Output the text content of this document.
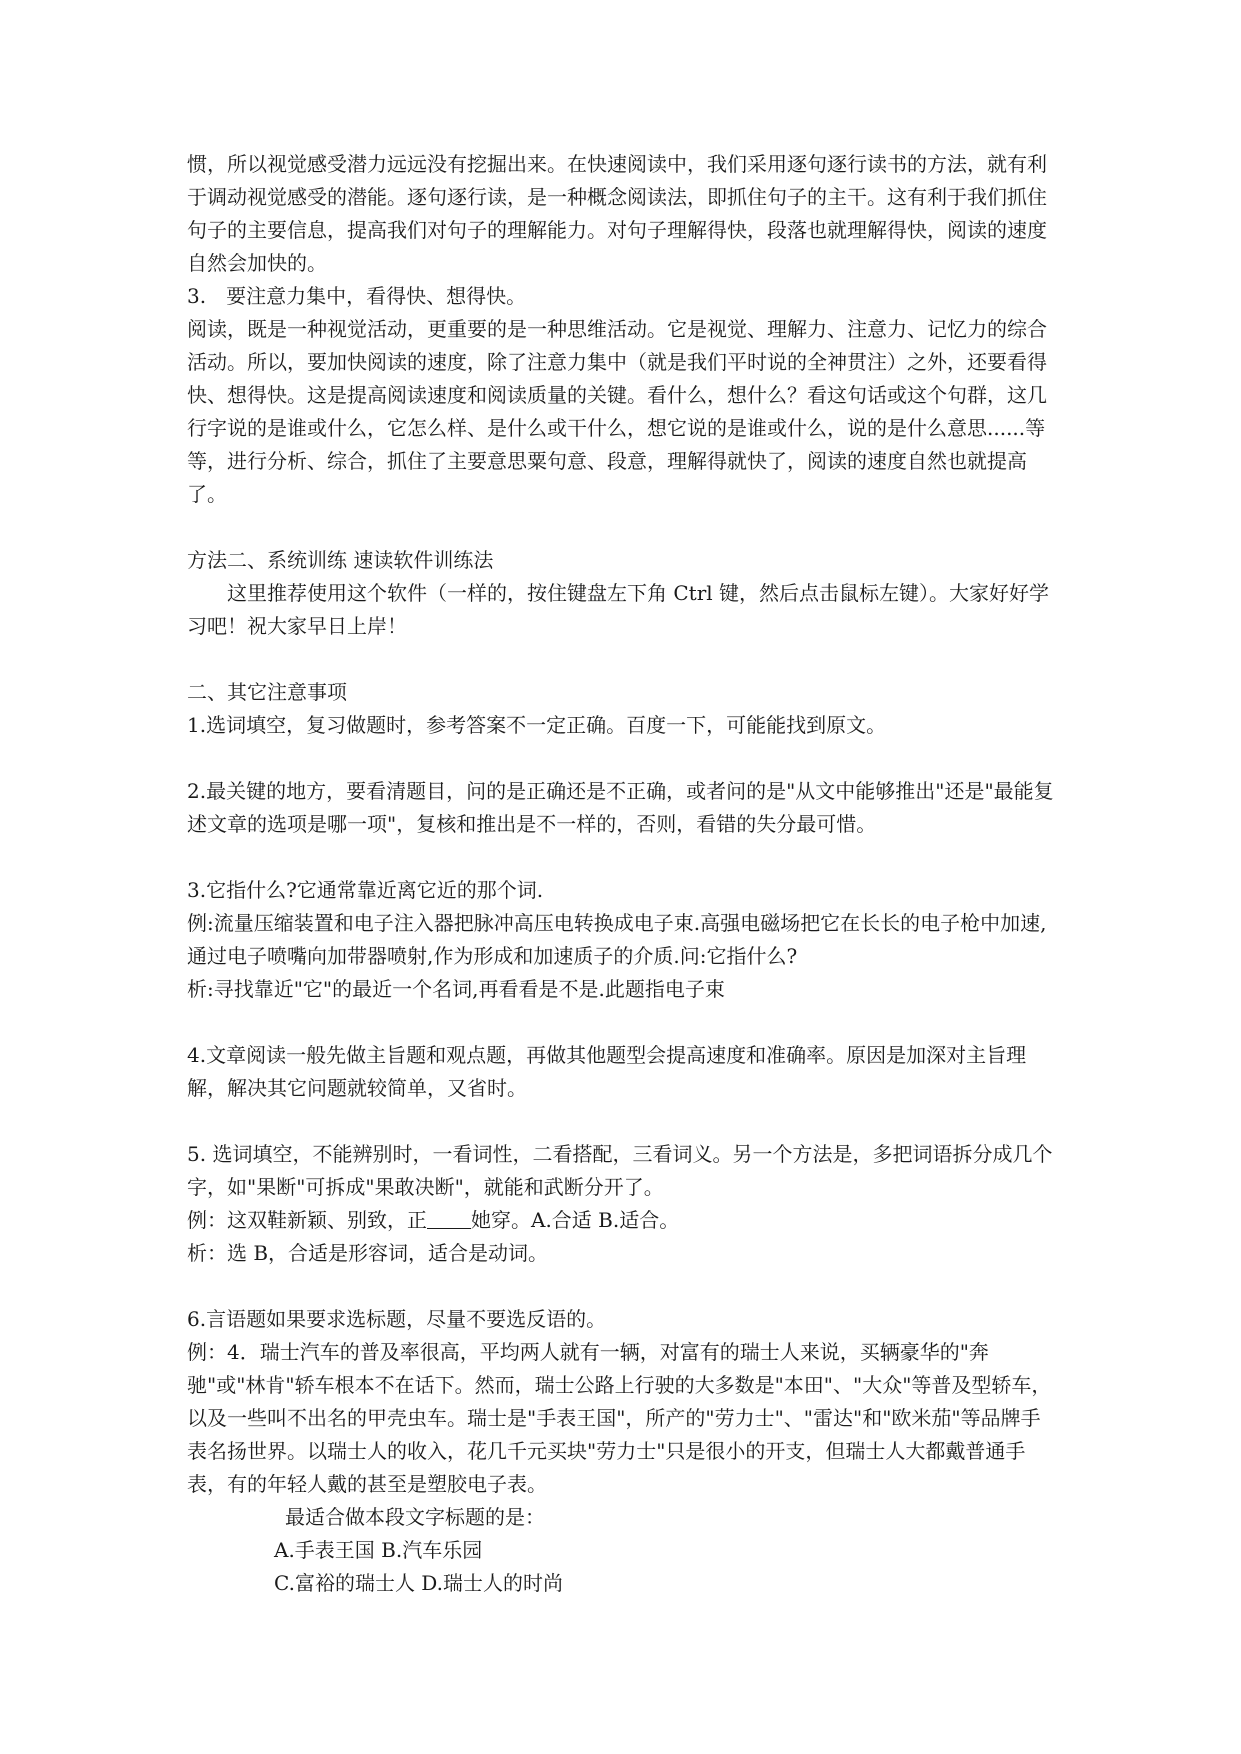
惯，所以视觉感受潜力远远没有挖掘出来。在快速阅读中，我们采用逐句逐行读书的方法，就有利于调动视觉感受的潜能。逐句逐行读，是一种概念阅读法，即抓住句子的主干。这有利于我们抓住句子的主要信息，提高我们对句子的理解能力。对句子理解得快，段落也就理解得快，阅读的速度自然会加快的。

3.　要注意力集中，看得快、想得快。

阅读，既是一种视觉活动，更重要的是一种思维活动。它是视觉、理解力、注意力、记忆力的综合活动。所以，要加快阅读的速度，除了注意力集中（就是我们平时说的全神贯注）之外，还要看得快、想得快。这是提高阅读速度和阅读质量的关键。看什么，想什么？看这句话或这个句群，这几行字说的是谁或什么，它怎么样、是什么或干什么，想它说的是谁或什么，说的是什么意思......等等，进行分析、综合，抓住了主要意思粟句意、段意，理解得就快了，阅读的速度自然也就提高了。

方法二、系统训练 速读软件训练法

这里推荐使用这个软件（一样的，按住键盘左下角 Ctrl 键，然后点击鼠标左键）。大家好好学习吧！祝大家早日上岸！

二、其它注意事项

1.选词填空，复习做题时，参考答案不一定正确。百度一下，可能能找到原文。

2.最关键的地方，要看清题目，问的是正确还是不正确，或者问的是"从文中能够推出"还是"最能复述文章的选项是哪一项"，复核和推出是不一样的，否则，看错的失分最可惜。

3.它指什么?它通常靠近离它近的那个词.

例:流量压缩装置和电子注入器把脉冲高压电转换成电子束.高强电磁场把它在长长的电子枪中加速,通过电子喷嘴向加带器喷射,作为形成和加速质子的介质.问:它指什么?

析:寻找靠近"它"的最近一个名词,再看看是不是.此题指电子束

4.文章阅读一般先做主旨题和观点题，再做其他题型会提高速度和准确率。原因是加深对主旨理解，解决其它问题就较简单，又省时。

5. 选词填空，不能辨别时，一看词性，二看搭配，三看词义。另一个方法是，多把词语拆分成几个字，如"果断"可拆成"果敢决断"，就能和武断分开了。

例：这双鞋新颖、别致，正 她穿。A.合适 B.适合。

析：选 B，合适是形容词，适合是动词。

6.言语题如果要求选标题，尽量不要选反语的。

例：4．瑞士汽车的普及率很高，平均两人就有一辆，对富有的瑞士人来说，买辆豪华的"奔驰"或"林肯"轿车根本不在话下。然而，瑞士公路上行驶的大多数是"本田"、"大众"等普及型轿车，以及一些叫不出名的甲壳虫车。瑞士是"手表王国"，所产的"劳力士"、"雷达"和"欧米茄"等品牌手表名扬世界。以瑞士人的收入，花几千元买块"劳力士"只是很小的开支，但瑞士人大都戴普通手表，有的年轻人戴的甚至是塑胶电子表。

最适合做本段文字标题的是：

A.手表王国 B.汽车乐园

C.富裕的瑞士人 D.瑞士人的时尚
